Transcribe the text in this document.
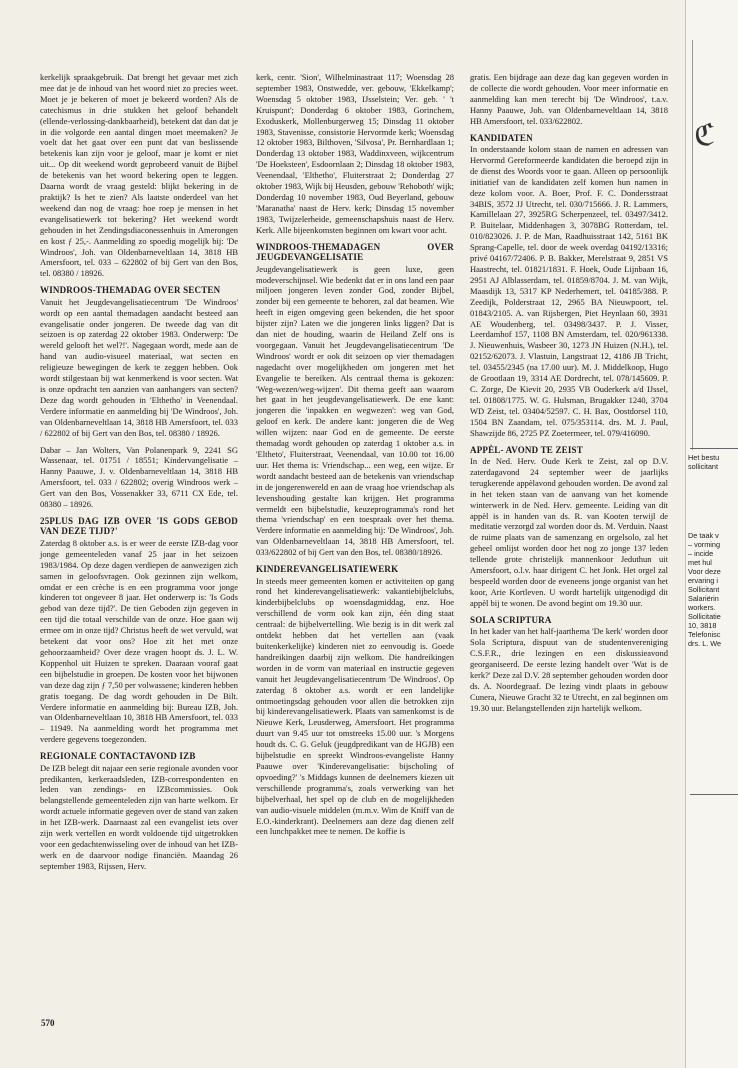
kerkelijk spraakgebruik. Dat brengt het gevaar met zich mee dat je de inhoud van het woord niet zo precies weet. Moet je je bekeren of moet je bekeerd worden? Als de catechismus in drie stukken het geloof behandelt (ellende-verlossing-dankbaarheid), betekent dat dan dat je in die volgorde een aantal dingen moet meemaken? Je voelt dat het gaat over een punt dat van beslissende betekenis kan zijn voor je geloof, maar je komt er niet uit... Op dit weekend wordt geprobeerd vanuit de Bijbel de betekenis van het woord bekering open te leggen. Daarna wordt de vraag gesteld: blijkt bekering in de praktijk? Is het te zien? Als laatste onderdeel van het weekend dan nog de vraag: hoe roep je mensen in het evangelisatiewerk tot bekering? Het weekend wordt gehouden in het Zendingsdiaconessenhuis in Amerongen en kost ƒ 25,-. Aanmelding zo spoedig mogelijk bij: 'De Windroos', Joh. van Oldenbarneveltlaan 14, 3818 HB Amersfoort, tel. 033 – 622802 of bij Gert van den Bos, tel. 08380 / 18926.

WINDROOS-THEMADAG OVER SECTEN

Vanuit het Jeugdevangelisatiecentrum 'De Windroos' wordt op een aantal themadagen aandacht besteed aan evangelisatie onder jongeren. De tweede dag van dit seizoen is op zaterdag 22 oktober 1983. Onderwerp: 'De wereld gelooft het wel?!'. Nagegaan wordt, mede aan de hand van audio-visueel materiaal, wat secten en religieuze bewegingen de kerk te zeggen hebben. Ook wordt stilgestaan bij wat kenmerkend is voor secten. Wat is onze opdracht ten aanzien van aanhangers van secten? Deze dag wordt gehouden in 'Elthetho' in Veenendaal. Verdere informatie en aanmelding bij 'De Windroos', Joh. van Oldenbarneveltlaan 14, 3818 HB Amersfoort, tel. 033 / 622802 of bij Gert van den Bos, tel. 08380 / 18926.

Dabar – Jan Wolters, Van Polanenpark 9, 2241 SG Wassenaar, tel. 01751 / 18551; Kindervangelisatie – Hanny Paauwe, J. v. Oldenbarneveltlaan 14, 3818 HB Amersfoort, tel. 033 / 622802; overig Windroos werk – Gert van den Bos, Vossenakker 33, 6711 CX Ede, tel. 08380 – 18926.

25PLUS DAG IZB OVER 'IS GODS GEBOD VAN DEZE TIJD?'

Zaterdag 8 oktober a.s. is er weer de eerste IZB-dag voor jonge gemeenteleden vanaf 25 jaar in het seizoen 1983/1984. Op deze dagen verdiepen de aanwezigen zich samen in geloofsvragen. Ook gezinnen zijn welkom, omdat er een crèche is en een programma voor jonge kinderen tot ongeveer 8 jaar. Het onderwerp is: 'Is Gods gebod van deze tijd?'. De tien Geboden zijn gegeven in een tijd die totaal verschilde van de onze. Hoe gaan wij ermee om in onze tijd? Christus heeft de wet vervuld, wat betekent dat voor ons? Hoe zit het met onze gehoorzaamheid? Over deze vragen hoopt ds. J. L. W. Koppenhol uit Huizen te spreken. Daaraan vooraf gaat een bijbelstudie in groepen. De kosten voor het bijwonen van deze dag zijn ƒ 7,50 per volwassene; kinderen hebben gratis toegang. De dag wordt gehouden in De Bilt. Verdere informatie en aanmelding bij: Bureau IZB, Joh. van Oldenbarneveltlaan 10, 3818 HB Amersfoort, tel. 033 – 11949. Na aanmelding wordt het programma met verdere gegevens toegezonden.

REGIONALE CONTACTAVOND IZB

De IZB belegt dit najaar een serie regionale avonden voor predikanten, kerkeraadsleden, IZB-correspondenten en leden van zendings- en IZBcommissies. Ook belangstellende gemeenteleden zijn van harte welkom. Er wordt actuele informatie gegeven over de stand van zaken in het IZB-werk. Daarnaast zal een evangelist iets over zijn werk vertellen en wordt voldoende tijd uitgetrokken voor een gedachtenwisseling over de inhoud van het IZB-werk en de daarvoor nodige financiën. Maandag 26 september 1983, Rijssen, Herv.

kerk, centr. 'Sion', Wilhelminastraat 117; Woensdag 28 september 1983, Onstwedde, ver. gebouw, 'Ekkelkamp'; Woensdag 5 oktober 1983, IJsselstein; Ver. geb. ' 't Kruispunt'; Donderdag 6 oktober 1983, Gorinchem, Exoduskerk, Mollenburgerweg 15; Dinsdag 11 oktober 1983, Stavenisse, consistorie Hervormde kerk; Woensdag 12 oktober 1983, Bilthoven, 'Silvosa', Pr. Bernhardlaan 1; Donderdag 13 oktober 1983, Waddinxveen, wijkcentrum 'De Hoeksteen', Esdoornlaan 2; Dinsdag 18 oktober 1983, Veenendaal, 'Elthetho', Fluiterstraat 2; Donderdag 27 oktober 1983, Wijk bij Heusden, gebouw 'Rehoboth' wijk; Donderdag 10 november 1983, Oud Beyerland, gebouw 'Maranatha' naast de Herv. kerk; Dinsdag 15 november 1983, Twijzelerheide, gemeenschapshuis naast de Herv. Kerk. Alle bijeenkomsten beginnen om kwart voor acht.

WINDROOS-THEMADAGEN OVER JEUGDEVANGELISATIE

Jeugdevangelisatiewerk is geen luxe, geen modeverschijnsel. Wie bedenkt dat er in ons land een paar miljoen jongeren leven zonder God, zonder Bijbel, zonder bij een gemeente te behoren, zal dat beamen. Wie heeft in eigen omgeving geen bekenden, die het spoor bijster zijn? Laten we die jongeren links liggen? Dat is dan niet de houding, waarin de Heiland Zelf ons is voorgegaan. Vanuit het Jeugdevangelisatiecentrum 'De Windroos' wordt er ook dit seizoen op vier themadagen nagedacht over mogelijkheden om jongeren met het Evangelie te bereiken. Als centraal thema is gekozen: 'Weg-wezen/weg-wijzen'. Dit thema geeft aan waarom het gaat in het jeugdevangelisatiewerk. De ene kant: jongeren die 'inpakken en wegwezen': weg van God, geloof en kerk. De andere kant: jongeren die de Weg willen wijzen: naar God en de gemeente. De eerste themadag wordt gehouden op zaterdag 1 oktober a.s. in 'Eltheto', Fluiterstraat, Veenendaal, van 10.00 tot 16.00 uur. Het thema is: Vriendschap... een weg, een wijze. Er wordt aandacht besteed aan de betekenis van vriendschap in de jongerenwereld en aan de vraag hoe vriendschap als levenshouding gestalte kan krijgen. Het programma vermeldt een bijbelstudie, keuzeprogramma's rond het thema 'vriendschap' en een toespraak over het thema. Verdere informatie en aanmelding bij: 'De Windroos', Joh. van Oldenbarneveltlaan 14, 3818 HB Amersfoort, tel. 033/622802 of bij Gert van den Bos, tel. 08380/18926.

KINDEREVANGELISATIEWERK

In steeds meer gemeenten komen er activiteiten op gang rond het kinderevangelisatiewerk: vakantiebijbelclubs, kinderbijbelclubs op woensdagmiddag, enz. Hoe verschillend de vorm ook kan zijn, één ding staat centraal: de bijbelvertelling. Wie bezig is in dit werk zal ontdekt hebben dat het vertellen aan (vaak buitenkerkelijke) kinderen niet zo eenvoudig is. Goede handreikingen daarbij zijn welkom. Die handreikingen worden in de vorm van materiaal en instructie gegeven vanuit het Jeugdevangelisatiecentrum 'De Windroos'. Op zaterdag 8 oktober a.s. wordt er een landelijke ontmoetingsdag gehouden voor allen die betrokken zijn bij kinderevangelisatiewerk. Plaats van samenkomst is de Nieuwe Kerk, Leusderweg, Amersfoort. Het programma duurt van 9.45 uur tot omstreeks 15.00 uur. 's Morgens houdt ds. C. G. Geluk (jeugdpredikant van de HGJB) een bijbelstudie en spreekt Windroos-evangeliste Hanny Paauwe over 'Kinderevangelisatie: bijscholing of opvoeding?' 's Middags kunnen de deelnemers kiezen uit verschillende programma's, zoals verwerking van het bijbelverhaal, het spel op de club en de mogelijkheden van audio-visuele middelen (m.m.v. Wim de Kniff van de E.O.-kinderkrant). Deelnemers aan deze dag dienen zelf een lunchpakket mee te nemen. De koffie is

gratis. Een bijdrage aan deze dag kan gegeven worden in de collecte die wordt gehouden. Voor meer informatie en aanmelding kan men terecht bij 'De Windroos', t.a.v. Hanny Paauwe, Joh. van Oldenbarneveltlaan 14, 3818 HB Amersfoort, tel. 033/622802.

KANDIDATEN

In onderstaande kolom staan de namen en adressen van Hervormd Gereformeerde kandidaten die beroepd zijn in de dienst des Woords voor te gaan. Alleen op persoonlijk initiatief van de kandidaten zelf komen hun namen in deze kolom voor. A. Boer, Prof. F. C. Dondersstraat 34BIS, 3572 JJ Utrecht, tel. 030/715666. J. R. Lammers, Kamillelaan 27, 3925RG Scherpenzeel, tel. 03497/3412. P. Buitelaar, Middenhagen 3, 3078BG Rotterdam, tel. 010/823026. J. P. de Man, Raadhuisstraat 142, 5161 BK Sprang-Capelle, tel. door de week overdag 04192/13316; privé 04167/72406. P. B. Bakker, Merelstraat 9, 2851 VS Haastrecht, tel. 01821/1831. F. Hoek, Oude Lijnbaan 16, 2951 AJ Alblasserdam, tel. 01859/8704. J. M. van Wijk, Maasdijk 13, 5317 KP Nederhemert, tel. 04185/388. P. Zeedijk, Polderstraat 12, 2965 BA Nieuwpoort, tel. 01843/2105. A. van Rijsbergen, Piet Heynlaan 60, 3931 AE Woudenberg, tel. 03498/3437. P. J. Visser, Leerdamhof 157, 1108 BN Amsterdam, tel. 020/961338. J. Nieuwenhuis, Wasbeer 30, 1273 JN Huizen (N.H.), tel. 02152/62073. J. Vlastuin, Langstraat 12, 4186 JB Tricht, tel. 03455/2345 (na 17.00 uur). M. J. Middelkoop, Hugo de Grootlaan 19, 3314 AE Dordrecht, tel. 078/145609. P. C. Zorge, De Kievit 20, 2935 VB Ouderkerk a/d IJssel, tel. 01808/1775. W. G. Hulsman, Brugakker 1240, 3704 WD Zeist, tel. 03404/52597. C. H. Bax, Oostdorsel 110, 1504 BN Zaandam, tel. 075/353114. drs. M. J. Paul, Shawzijde 86, 2725 PZ Zoetermeer, tel. 079/416090.

APPÈL- AVOND TE ZEIST

In de Ned. Herv. Oude Kerk te Zeist, zal op D.V. zaterdagavond 24 september weer de jaarlijks terugkerende appèlavond gehouden worden. De avond zal in het teken staan van de aanvang van het komende winterwerk in de Ned. Herv. gemeente. Leiding van dit appèl is in handen van ds. R. van Kooten terwijl de meditatie verzorgd zal worden door ds. M. Verduin. Naast de ruime plaats van de samenzang en orgelsolo, zal het geheel omlijst worden door het nog zo jonge 137 leden tellende grote christelijk mannenkoor Jeduthun uit Amersfoort, o.l.v. haar dirigent C. het Jonk. Het orgel zal bespeeld worden door de eveneens jonge organist van het koor, Arie Kortleven. U wordt hartelijk uitgenodigd dit appèl bij te wonen. De avond begint om 19.30 uur.

SOLA SCRIPTURA

In het kader van het half-jaarthema 'De kerk' worden door Sola Scriptura, dispuut van de studentenvereniging C.S.F.R., drie lezingen en een diskussieavond georganiseerd. De eerste lezing handelt over 'Wat is de kerk?' Deze zal D.V. 28 september gehouden worden door ds. A. Noordegraaf. De lezing vindt plaats in gebouw Cunera, Nieuwe Gracht 32 te Utrecht, en zal beginnen om 19.30 uur. Belangstellenden zijn hartelijk welkom.

570
ℭ
Het bestu
sollicitant
De taak v
– vorming
– incide
met hul
Voor deze
ervaring i
Sollicitant
Salariërin
workers.
Sollicitatie
10, 3818
Telefonisc
drs. L. We
